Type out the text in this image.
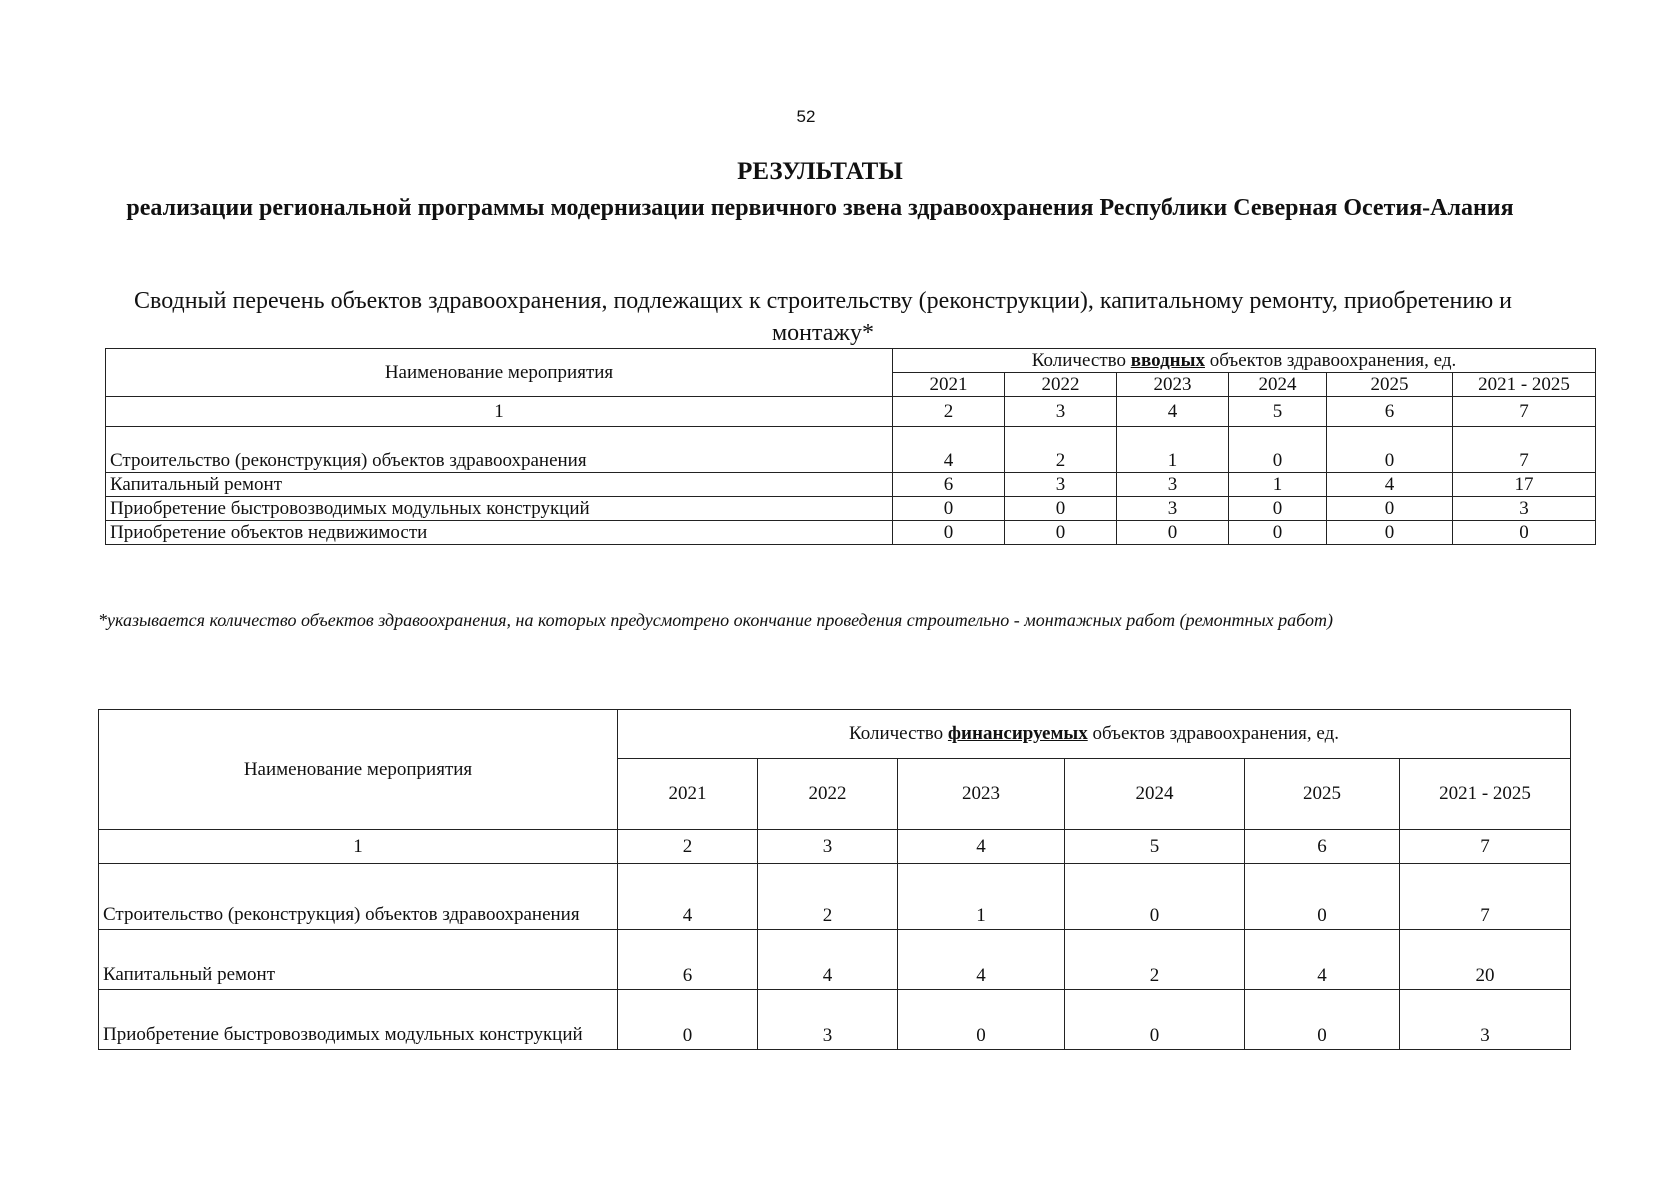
52
РЕЗУЛЬТАТЫ
реализации региональной программы модернизации первичного звена здравоохранения Республики Северная Осетия-Алания
Сводный перечень объектов здравоохранения, подлежащих к строительству (реконструкции), капитальному ремонту, приобретению и монтажу*
Наименование мероприятия	Количество вводных объектов здравоохранения, ед.					
	2021	2022	2023	2024	2025	2021 - 2025
1	2	3	4	5	6	7
Строительство (реконструкция) объектов здравоохранения	4	2	1	0	0	7
Капитальный ремонт	6	3	3	1	4	17
Приобретение быстровозводимых модульных конструкций	0	0	3	0	0	3
Приобретение объектов недвижимости	0	0	0	0	0	0
*указывается количество объектов здравоохранения, на которых предусмотрено окончание проведения строительно - монтажных работ (ремонтных работ)
Наименование мероприятия	Количество финансируемых объектов здравоохранения, ед.					
	2021	2022	2023	2024	2025	2021 - 2025
1	2	3	4	5	6	7
Строительство (реконструкция) объектов здравоохранения	4	2	1	0	0	7
Капитальный ремонт	6	4	4	2	4	20
Приобретение быстровозводимых модульных конструкций	0	3	0	0	0	3
